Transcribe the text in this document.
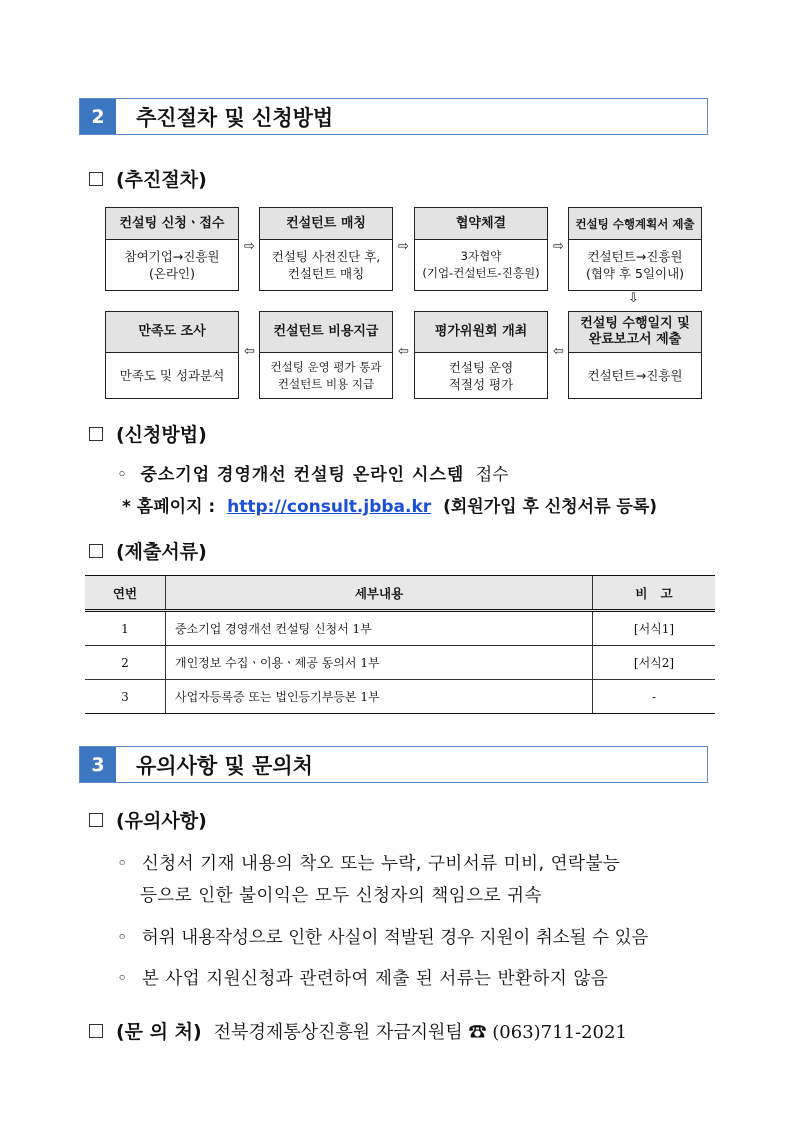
2	추진절차 및 신청방법
(추진절차)
컨설팅 신청ㆍ접수
참여기업→진흥원
(온라인)
컨설턴트 매칭
컨설팅 사전진단 후,
컨설턴트 매칭
협약체결
3자협약
(기업-컨설턴트-진흥원)
컨설팅 수행계획서 제출
컨설턴트→진흥원
(협약 후 5일이내)
⇨	⇨	⇨
⇩
만족도 조사
만족도 및 성과분석
컨설턴트 비용지급
컨설팅 운영 평가 통과
컨설턴트 비용 지급
평가위원회 개최
컨설팅 운영
적절성 평가
컨설팅 수행일지 및
완료보고서 제출
컨설턴트→진흥원
⇦	⇦	⇦
(신청방법)
◦ 중소기업 경영개선 컨설팅 온라인 시스템 접수
* 홈페이지 : http://consult.jbba.kr (회원가입 후 신청서류 등록)
(제출서류)
연번	세부내용	비   고
1	중소기업 경영개선 컨설팅 신청서 1부	[서식1]
2	개인정보 수집ㆍ이용ㆍ제공 동의서 1부	[서식2]
3	사업자등록증 또는 법인등기부등본 1부	-
3	유의사항 및 문의처
(유의사항)
◦ 신청서 기재 내용의 착오 또는 누락, 구비서류 미비, 연락불능
등으로 인한 불이익은 모두 신청자의 책임으로 귀속
◦ 허위 내용작성으로 인한 사실이 적발된 경우 지원이 취소될 수 있음
◦ 본 사업 지원신청과 관련하여 제출 된 서류는 반환하지 않음
(문 의 처) 전북경제통상진흥원 자금지원팀 ☎ (063)711-2021
